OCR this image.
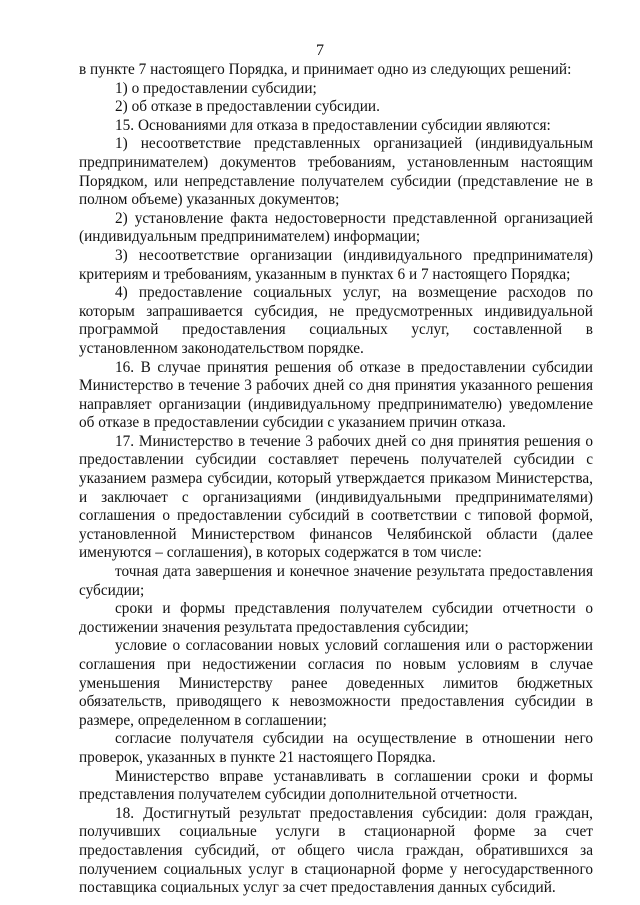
7

в пункте 7 настоящего Порядка, и принимает одно из следующих решений:

1) о предоставлении субсидии;

2) об отказе в предоставлении субсидии.

15. Основаниями для отказа в предоставлении субсидии являются:

1) несоответствие представленных организацией (индивидуальным предпринимателем) документов требованиям, установленным настоящим Порядком, или непредставление получателем субсидии (представление не в полном объеме) указанных документов;

2) установление факта недостоверности представленной организацией (индивидуальным предпринимателем) информации;

3) несоответствие организации (индивидуального предпринимателя) критериям и требованиям, указанным в пунктах 6 и 7 настоящего Порядка;

4) предоставление социальных услуг, на возмещение расходов по которым запрашивается субсидия, не предусмотренных индивидуальной программой предоставления социальных услуг, составленной в установленном законодательством порядке.

16. В случае принятия решения об отказе в предоставлении субсидии Министерство в течение 3 рабочих дней со дня принятия указанного решения направляет организации (индивидуальному предпринимателю) уведомление об отказе в предоставлении субсидии с указанием причин отказа.

17. Министерство в течение 3 рабочих дней со дня принятия решения о предоставлении субсидии составляет перечень получателей субсидии с указанием размера субсидии, который утверждается приказом Министерства, и заключает с организациями (индивидуальными предпринимателями) соглашения о предоставлении субсидий в соответствии с типовой формой, установленной Министерством финансов Челябинской области (далее именуются – соглашения), в которых содержатся в том числе:

точная дата завершения и конечное значение результата предоставления субсидии;

сроки и формы представления получателем субсидии отчетности о достижении значения результата предоставления субсидии;

условие о согласовании новых условий соглашения или о расторжении соглашения при недостижении согласия по новым условиям в случае уменьшения Министерству ранее доведенных лимитов бюджетных обязательств, приводящего к невозможности предоставления субсидии в размере, определенном в соглашении;

согласие получателя субсидии на осуществление в отношении него проверок, указанных в пункте 21 настоящего Порядка.

Министерство вправе устанавливать в соглашении сроки и формы представления получателем субсидии дополнительной отчетности.

18. Достигнутый результат предоставления субсидии: доля граждан, получивших социальные услуги в стационарной форме за счет предоставления субсидий, от общего числа граждан, обратившихся за получением социальных услуг в стационарной форме у негосударственного поставщика социальных услуг за счет предоставления данных субсидий.
